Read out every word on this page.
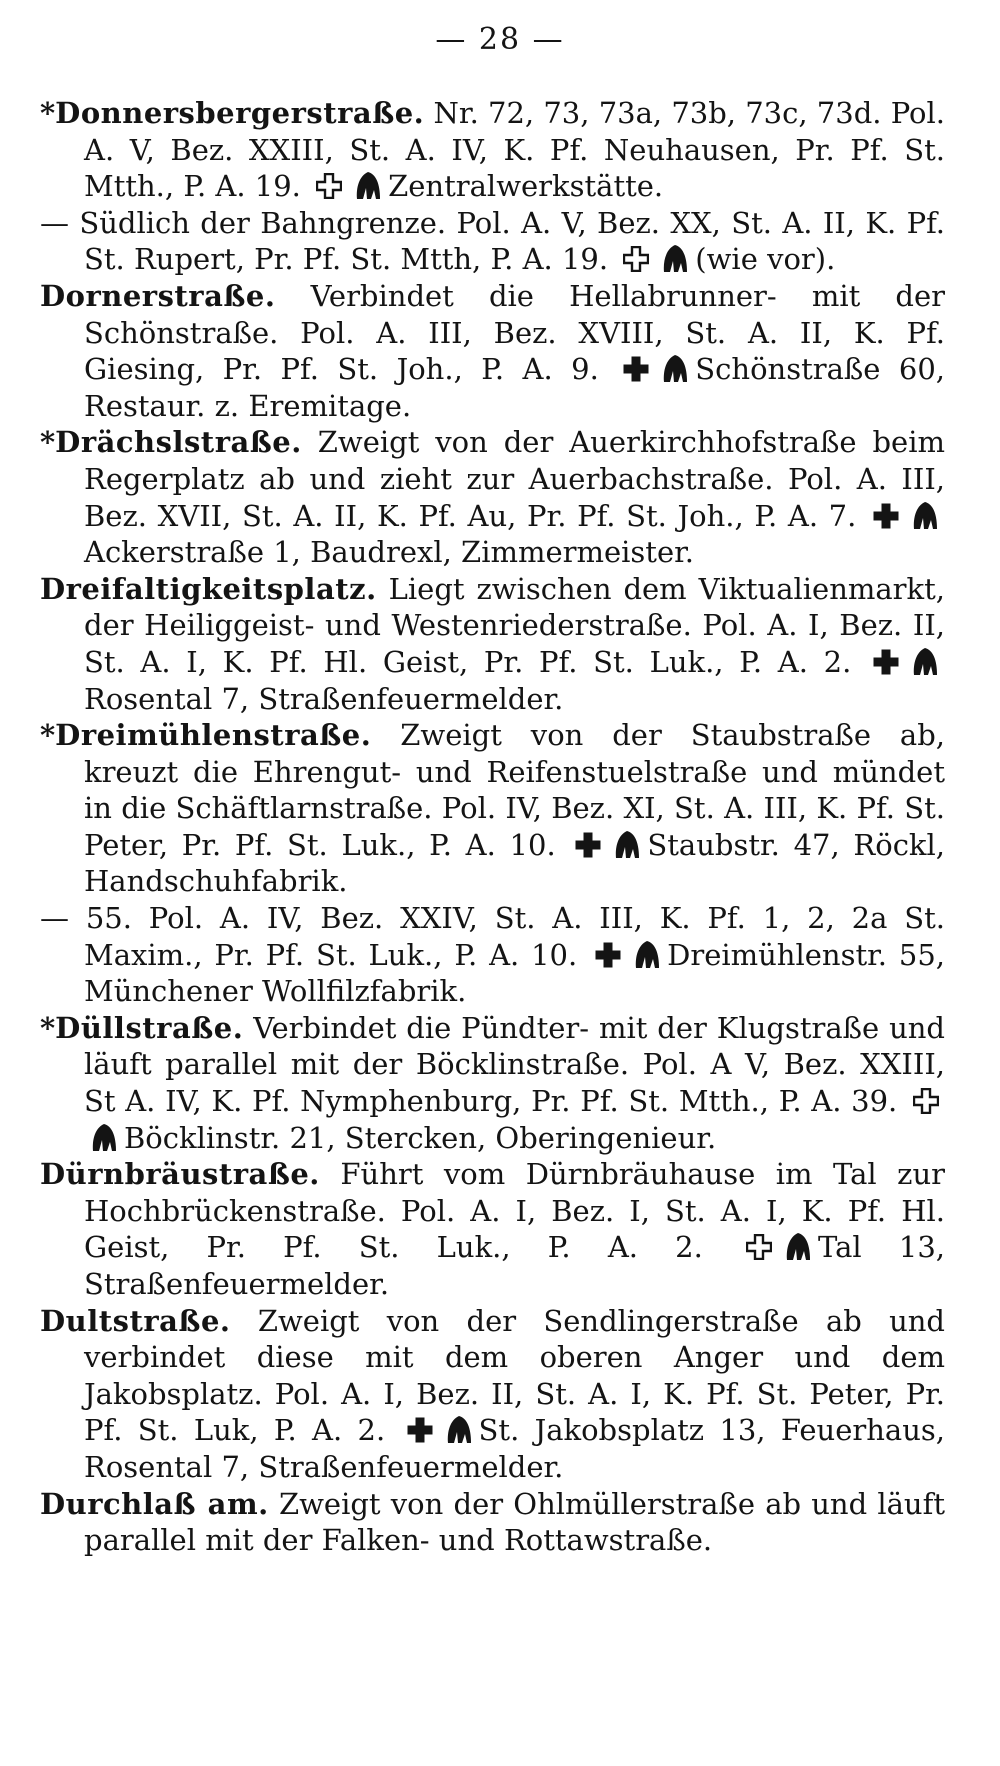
— 28 —

*Donnersbergerstraße. Nr. 72, 73, 73a, 73b, 73c, 73d. Pol. A. V, Bez. XXIII, St. A. IV, K. Pf. Neuhausen, Pr. Pf. St. Mtth., P. A. 19.	Zentralwerkstätte.

— Südlich der Bahngrenze. Pol. A. V, Bez. XX, St. A. II, K. Pf. St. Rupert, Pr. Pf. St. Mtth, P. A. 19.	(wie vor).

Dornerstraße. Verbindet die Hellabrunner- mit der Schönstraße. Pol. A. III, Bez. XVIII, St. A. II, K. Pf. Giesing, Pr. Pf. St. Joh., P. A. 9.	Schönstraße 60, Restaur. z. Eremitage.

*Drächslstraße. Zweigt von der Auerkirchhofstraße beim Regerplatz ab und zieht zur Auerbachstraße. Pol. A. III, Bez. XVII, St. A. II, K. Pf. Au, Pr. Pf. St. Joh., P. A. 7. Ackerstraße 1, Baudrexl, Zimmermeister.

Dreifaltigkeitsplatz. Liegt zwischen dem Viktualienmarkt, der Heiliggeist- und Westenriederstraße. Pol. A. I, Bez. II, St. A. I, K. Pf. Hl. Geist, Pr. Pf. St. Luk., P. A. 2. Rosental 7, Straßenfeuermelder.

*Dreimühlenstraße. Zweigt von der Staubstraße ab, kreuzt die Ehrengut- und Reifenstuelstraße und mündet in die Schäftlarnstraße. Pol. IV, Bez. XI, St. A. III, K. Pf. St. Peter, Pr. Pf. St. Luk., P. A. 10.	Staubstr. 47, Röckl, Handschuhfabrik.

— 55. Pol. A. IV, Bez. XXIV, St. A. III, K. Pf. 1, 2, 2a St. Maxim., Pr. Pf. St. Luk., P. A. 10.	Dreimühlenstr. 55, Münchener Wollfilzfabrik.

*Düllstraße. Verbindet die Pündter- mit der Klugstraße und läuft parallel mit der Böcklinstraße. Pol. A V, Bez. XXIII, St A. IV, K. Pf. Nymphenburg, Pr. Pf. St. Mtth., P. A. 39. Böcklinstr. 21, Stercken, Oberingenieur.

Dürnbräustraße. Führt vom Dürnbräuhause im Tal zur Hochbrückenstraße. Pol. A. I, Bez. I, St. A. I, K. Pf. Hl. Geist, Pr. Pf. St. Luk., P. A. 2.	Tal 13, Straßenfeuermelder.

Dultstraße. Zweigt von der Sendlingerstraße ab und verbindet diese mit dem oberen Anger und dem Jakobsplatz. Pol. A. I, Bez. II, St. A. I, K. Pf. St. Peter, Pr. Pf. St. Luk, P. A. 2.	St. Jakobsplatz 13, Feuerhaus, Rosental 7, Straßenfeuermelder.

Durchlaß am. Zweigt von der Ohlmüllerstraße ab und läuft parallel mit der Falken- und Rottawstraße.
